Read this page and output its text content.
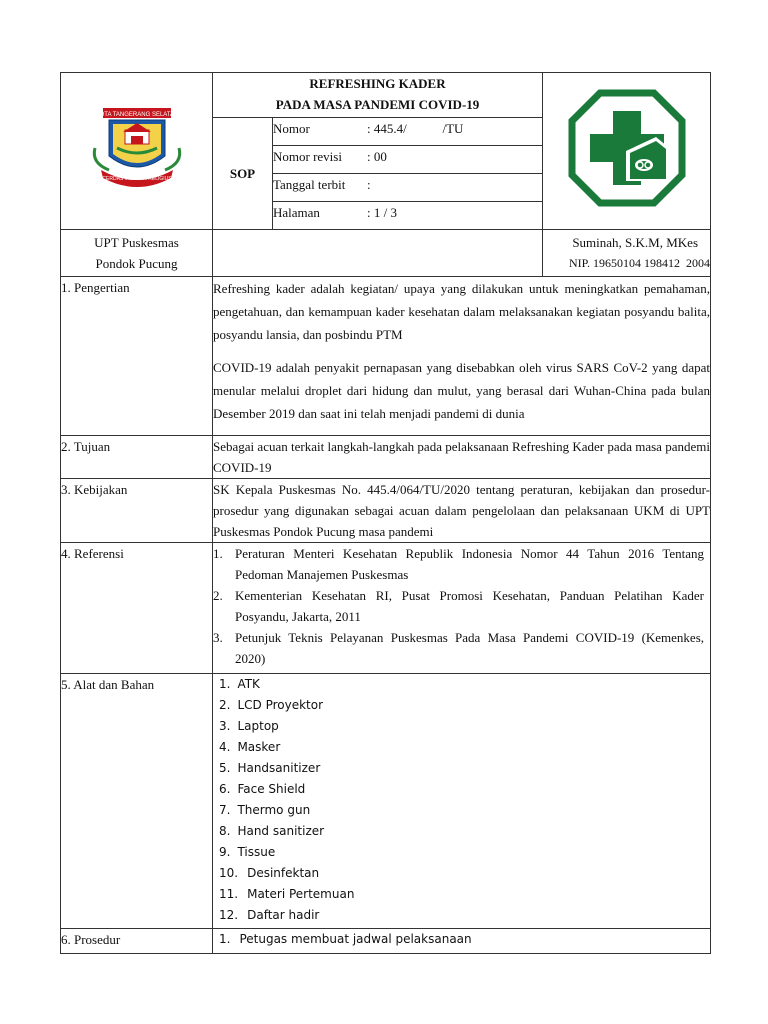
KOTA TANGERANG SELATAN
CERDAS MODERN RELIGIUS

REFRESHING KADER
PADA MASA PANDEMI COVID-19

SOP	
Nomor	: 445.4/           /TU
Nomor revisi : 00
Tanggal terbit :
Halaman	: 1 / 3

UPT Puskesmas
Pondok Pucung

Suminah, S.K.M, MKes
NIP. 19650104 198412  2004

1. Pengertian	Refreshing kader adalah kegiatan/ upaya yang dilakukan untuk meningkatkan pemahaman, pengetahuan, dan kemampuan kader kesehatan dalam melaksanakan kegiatan posyandu balita, posyandu lansia, dan posbindu PTM

COVID-19 adalah penyakit pernapasan yang disebabkan oleh virus SARS CoV-2 yang dapat menular melalui droplet dari hidung dan mulut, yang berasal dari Wuhan-China pada bulan Desember 2019 dan saat ini telah menjadi pandemi di dunia

2. Tujuan	Sebagai acuan terkait langkah-langkah pada pelaksanaan Refreshing Kader pada masa pandemi COVID-19
3. Kebijakan	SK Kepala Puskesmas No. 445.4/064/TU/2020 tentang peraturan, kebijakan dan prosedur-prosedur yang digunakan sebagai acuan dalam pengelolaan dan pelaksanaan UKM di UPT Puskesmas Pondok Pucung masa pandemi
4. Referensi	1. Peraturan Menteri Kesehatan Republik Indonesia Nomor 44 Tahun 2016 Tentang Pedoman Manajemen Puskesmas
2. Kementerian Kesehatan RI, Pusat Promosi Kesehatan, Panduan Pelatihan Kader Posyandu, Jakarta, 2011
3. Petunjuk Teknis Pelayanan Puskesmas Pada Masa Pandemi COVID-19 (Kemenkes, 2020)

5. Alat dan Bahan	1. ATK
2. LCD Proyektor
3. Laptop
4. Masker
5. Handsanitizer
6. Face Shield
7. Thermo gun
8. Hand sanitizer
9. Tissue
10. Desinfektan
11. Materi Pertemuan
12. Daftar hadir

6. Prosedur	1. Petugas membuat jadwal pelaksanaan
